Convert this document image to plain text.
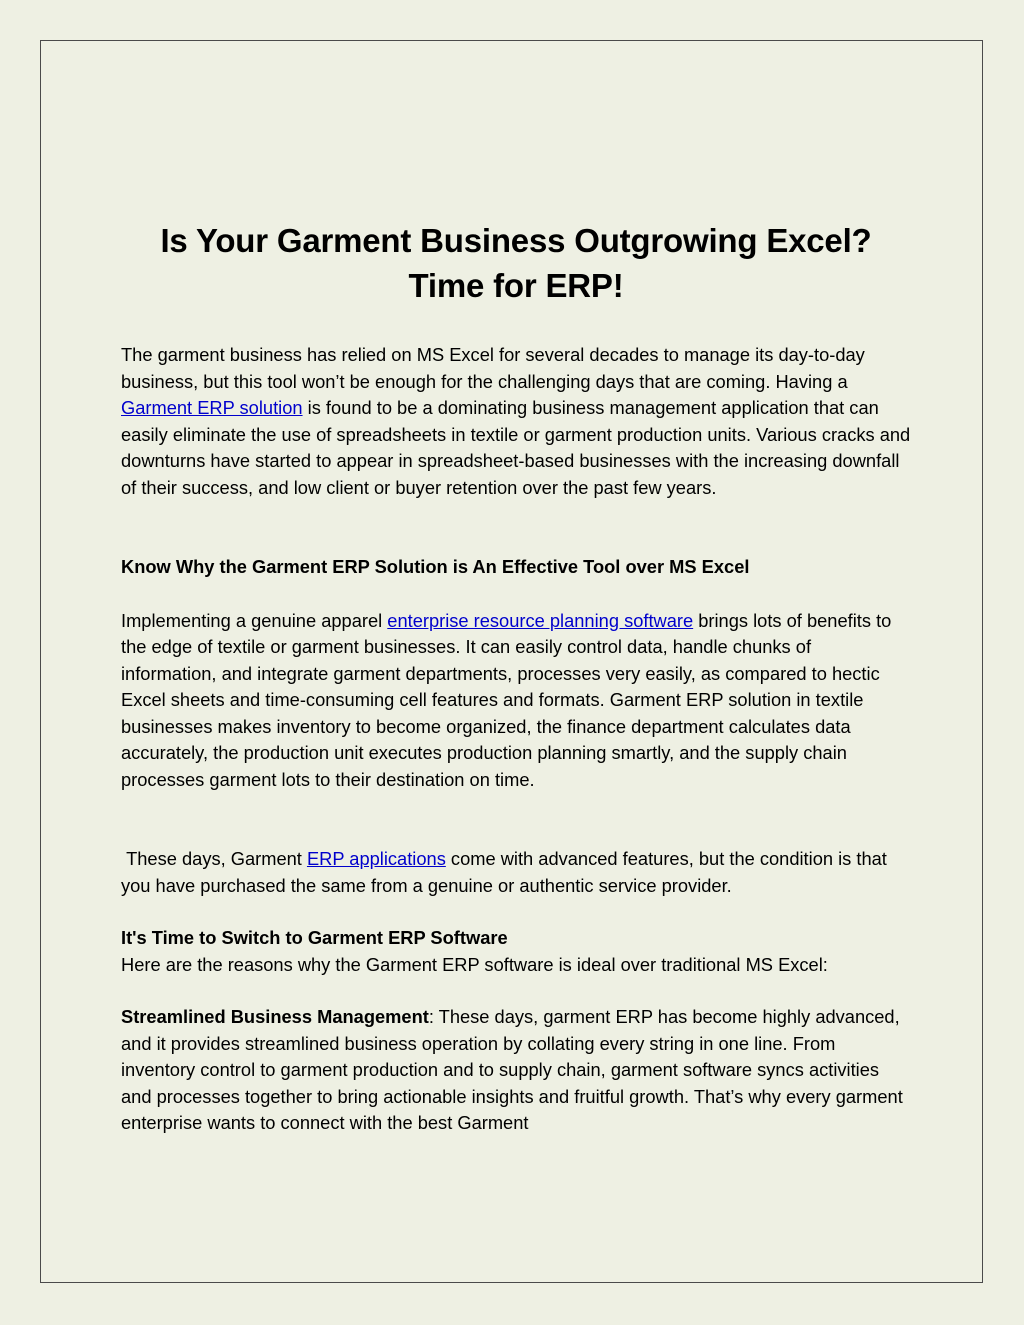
Is Your Garment Business Outgrowing Excel?
Time for ERP!

The garment business has relied on MS Excel for several decades to manage its day-to-day business, but this tool won’t be enough for the challenging days that are coming. Having a Garment ERP solution is found to be a dominating business management application that can easily eliminate the use of spreadsheets in textile or garment production units. Various cracks and downturns have started to appear in spreadsheet-based businesses with the increasing downfall of their success, and low client or buyer retention over the past few years.

Know Why the Garment ERP Solution is An Effective Tool over MS Excel

Implementing a genuine apparel enterprise resource planning software brings lots of benefits to the edge of textile or garment businesses. It can easily control data, handle chunks of information, and integrate garment departments, processes very easily, as compared to hectic Excel sheets and time-consuming cell features and formats. Garment ERP solution in textile businesses makes inventory to become organized, the finance department calculates data accurately, the production unit executes production planning smartly, and the supply chain processes garment lots to their destination on time.

These days, Garment ERP applications come with advanced features, but the condition is that you have purchased the same from a genuine or authentic service provider.

It's Time to Switch to Garment ERP Software

Here are the reasons why the Garment ERP software is ideal over traditional MS Excel:

Streamlined Business Management: These days, garment ERP has become highly advanced, and it provides streamlined business operation by collating every string in one line. From inventory control to garment production and to supply chain, garment software syncs activities and processes together to bring actionable insights and fruitful growth. That’s why every garment enterprise wants to connect with the best Garment
